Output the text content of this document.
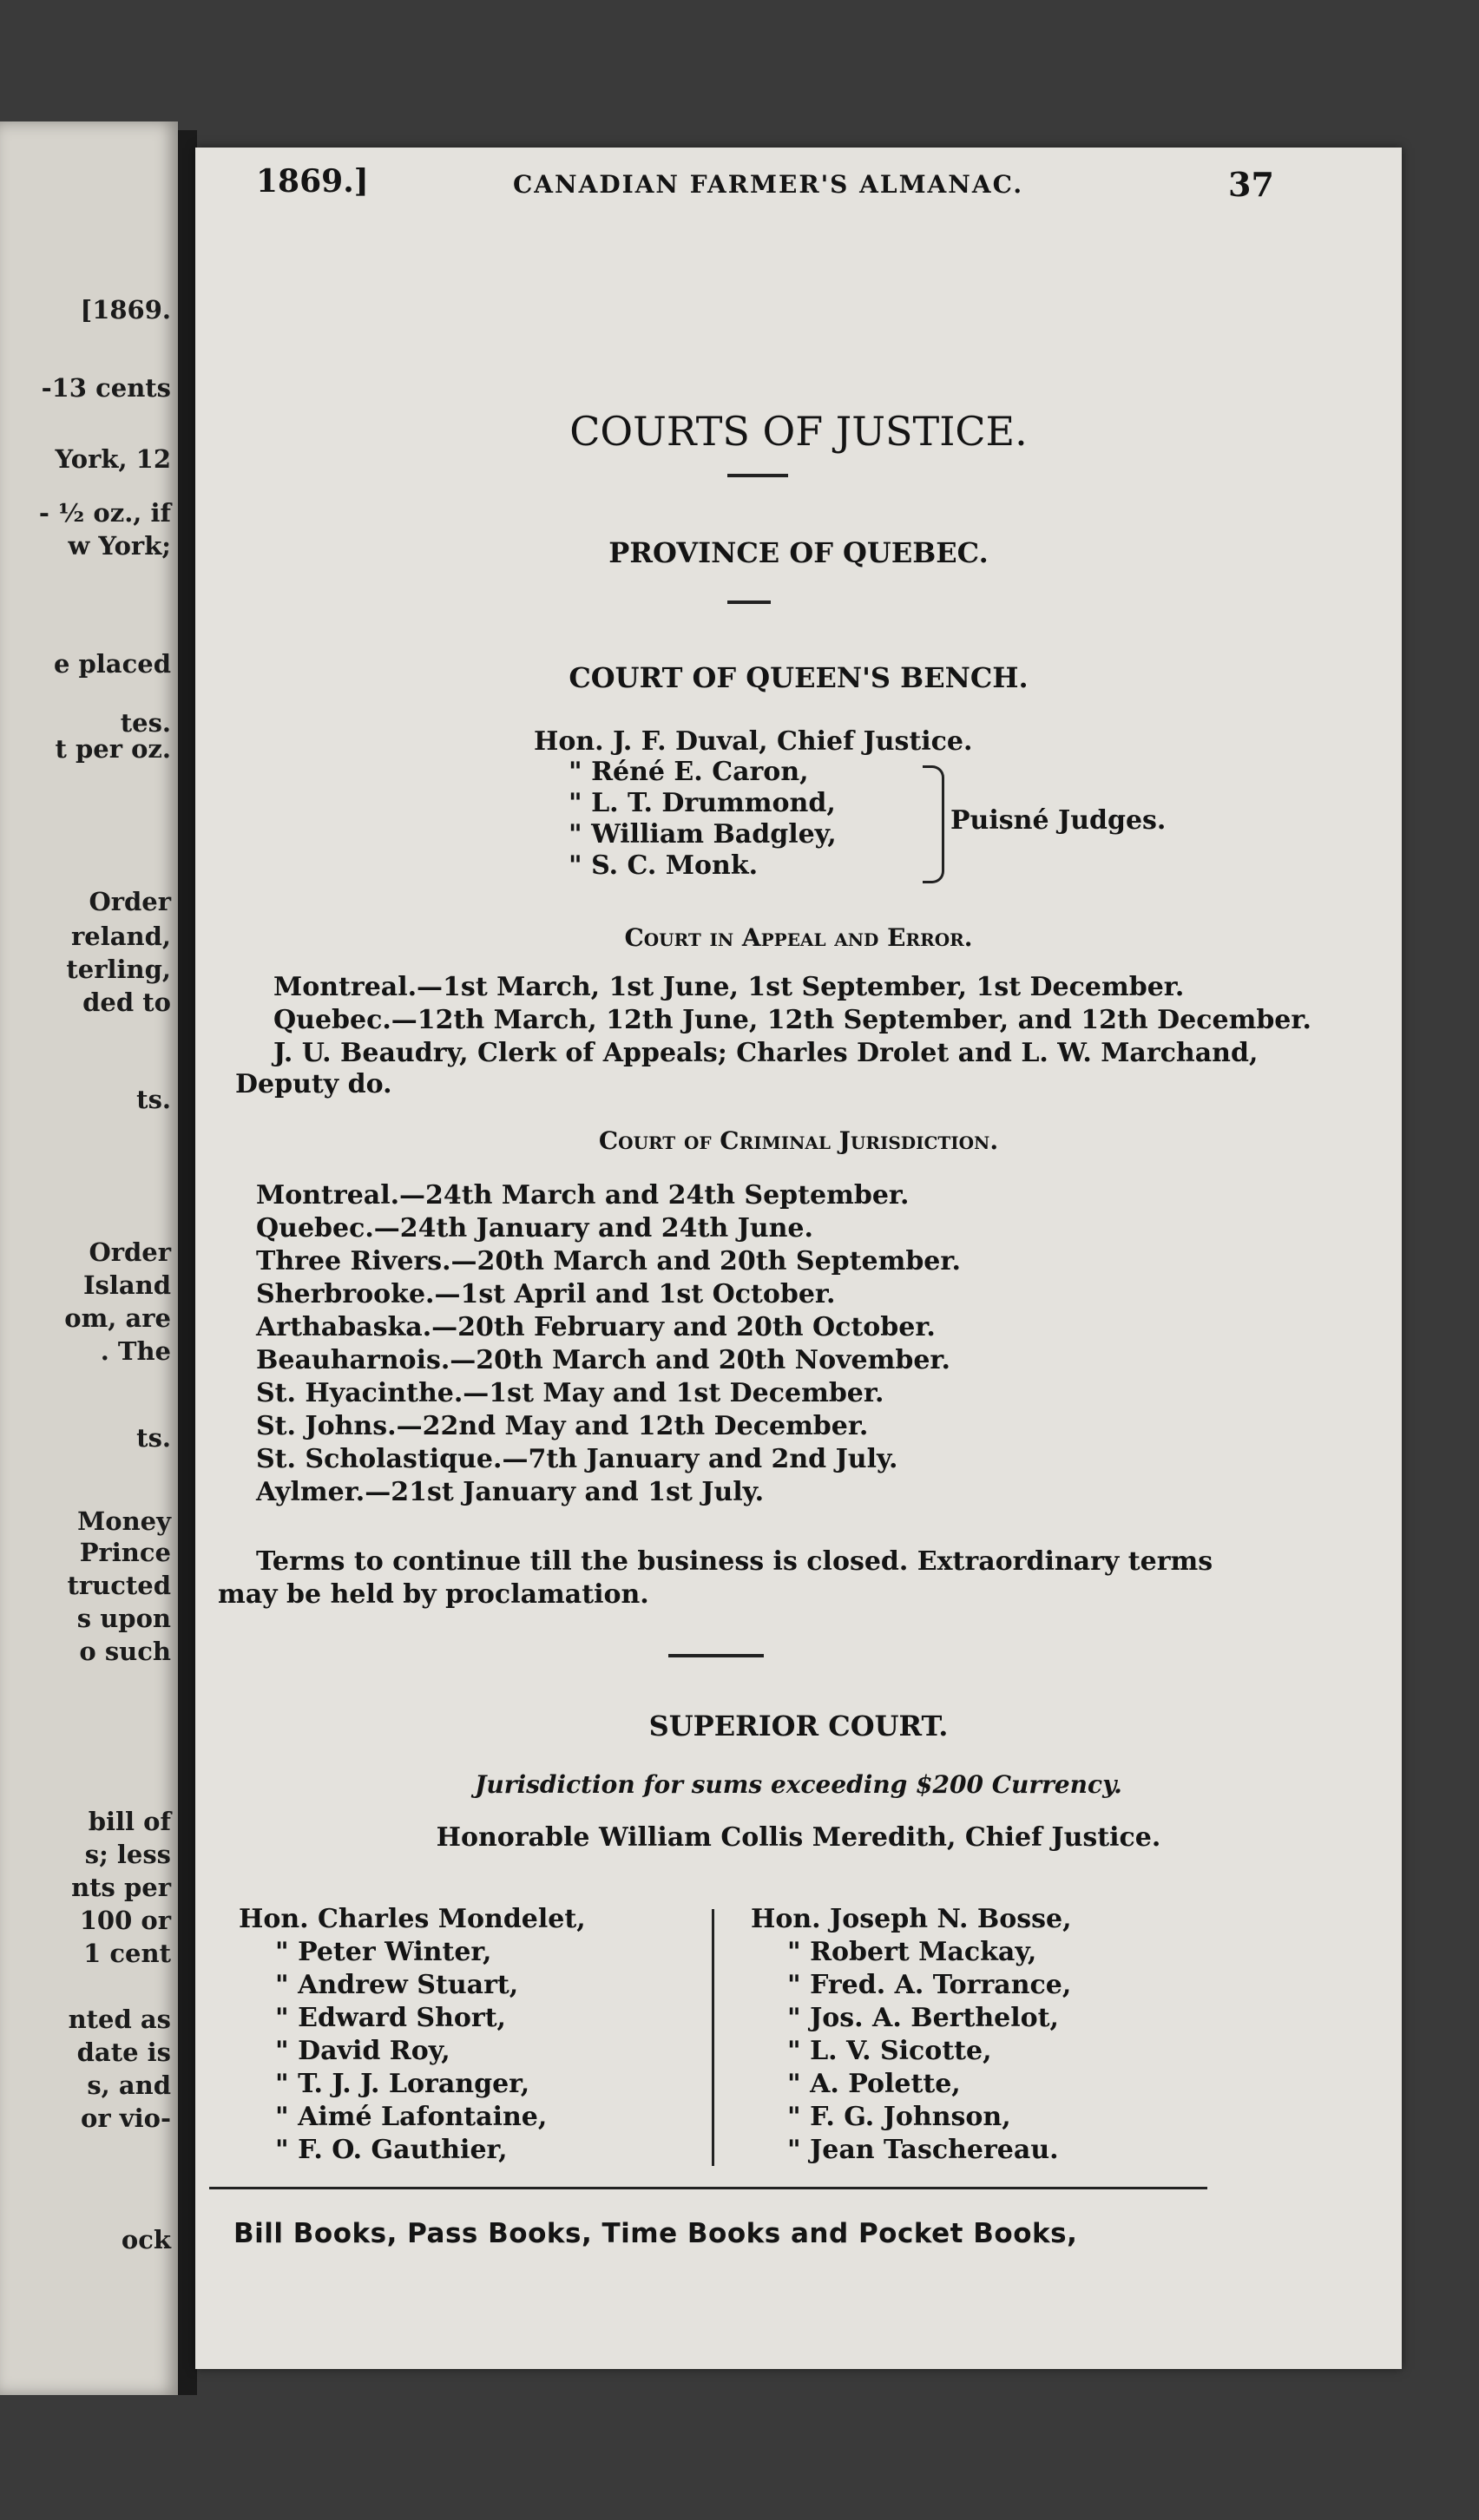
[1869.
-13 cents
York, 12
- ½ oz., if
w York;
e placed
tes.
t per oz.
Order
reland,
terling,
ded to
ts.
Order
Island
om, are
. The
ts.
Money
Prince
tructed
s upon
o such
bill of
s; less
nts per
100 or
1 cent
nted as
date is
s, and
or vio-
ock
1869.]	CANADIAN FARMER'S ALMANAC.	37
COURTS OF JUSTICE.
PROVINCE OF QUEBEC.
COURT OF QUEEN'S BENCH.
Hon. J. F. Duval, Chief Justice.
" Réné E. Caron,
" L. T. Drummond,
" William Badgley,
" S. C. Monk.
Puisné Judges.
Court in Appeal and Error.
Montreal.—1st March, 1st June, 1st September, 1st December.
Quebec.—12th March, 12th June, 12th September, and 12th December.
J. U. Beaudry, Clerk of Appeals; Charles Drolet and L. W. Marchand,
Deputy do.
Court of Criminal Jurisdiction.
Montreal.—24th March and 24th September.
Quebec.—24th January and 24th June.
Three Rivers.—20th March and 20th September.
Sherbrooke.—1st April and 1st October.
Arthabaska.—20th February and 20th October.
Beauharnois.—20th March and 20th November.
St. Hyacinthe.—1st May and 1st December.
St. Johns.—22nd May and 12th December.
St. Scholastique.—7th January and 2nd July.
Aylmer.—21st January and 1st July.
Terms to continue till the business is closed. Extraordinary terms
may be held by proclamation.
SUPERIOR COURT.
Jurisdiction for sums exceeding $200 Currency.
Honorable William Collis Meredith, Chief Justice.
Hon. Charles Mondelet,
" Peter Winter,
" Andrew Stuart,
" Edward Short,
" David Roy,
" T. J. J. Loranger,
" Aimé Lafontaine,
" F. O. Gauthier,
Hon. Joseph N. Bosse,
" Robert Mackay,
" Fred. A. Torrance,
" Jos. A. Berthelot,
" L. V. Sicotte,
" A. Polette,
" F. G. Johnson,
" Jean Taschereau.
Bill Books, Pass Books, Time Books and Pocket Books,
